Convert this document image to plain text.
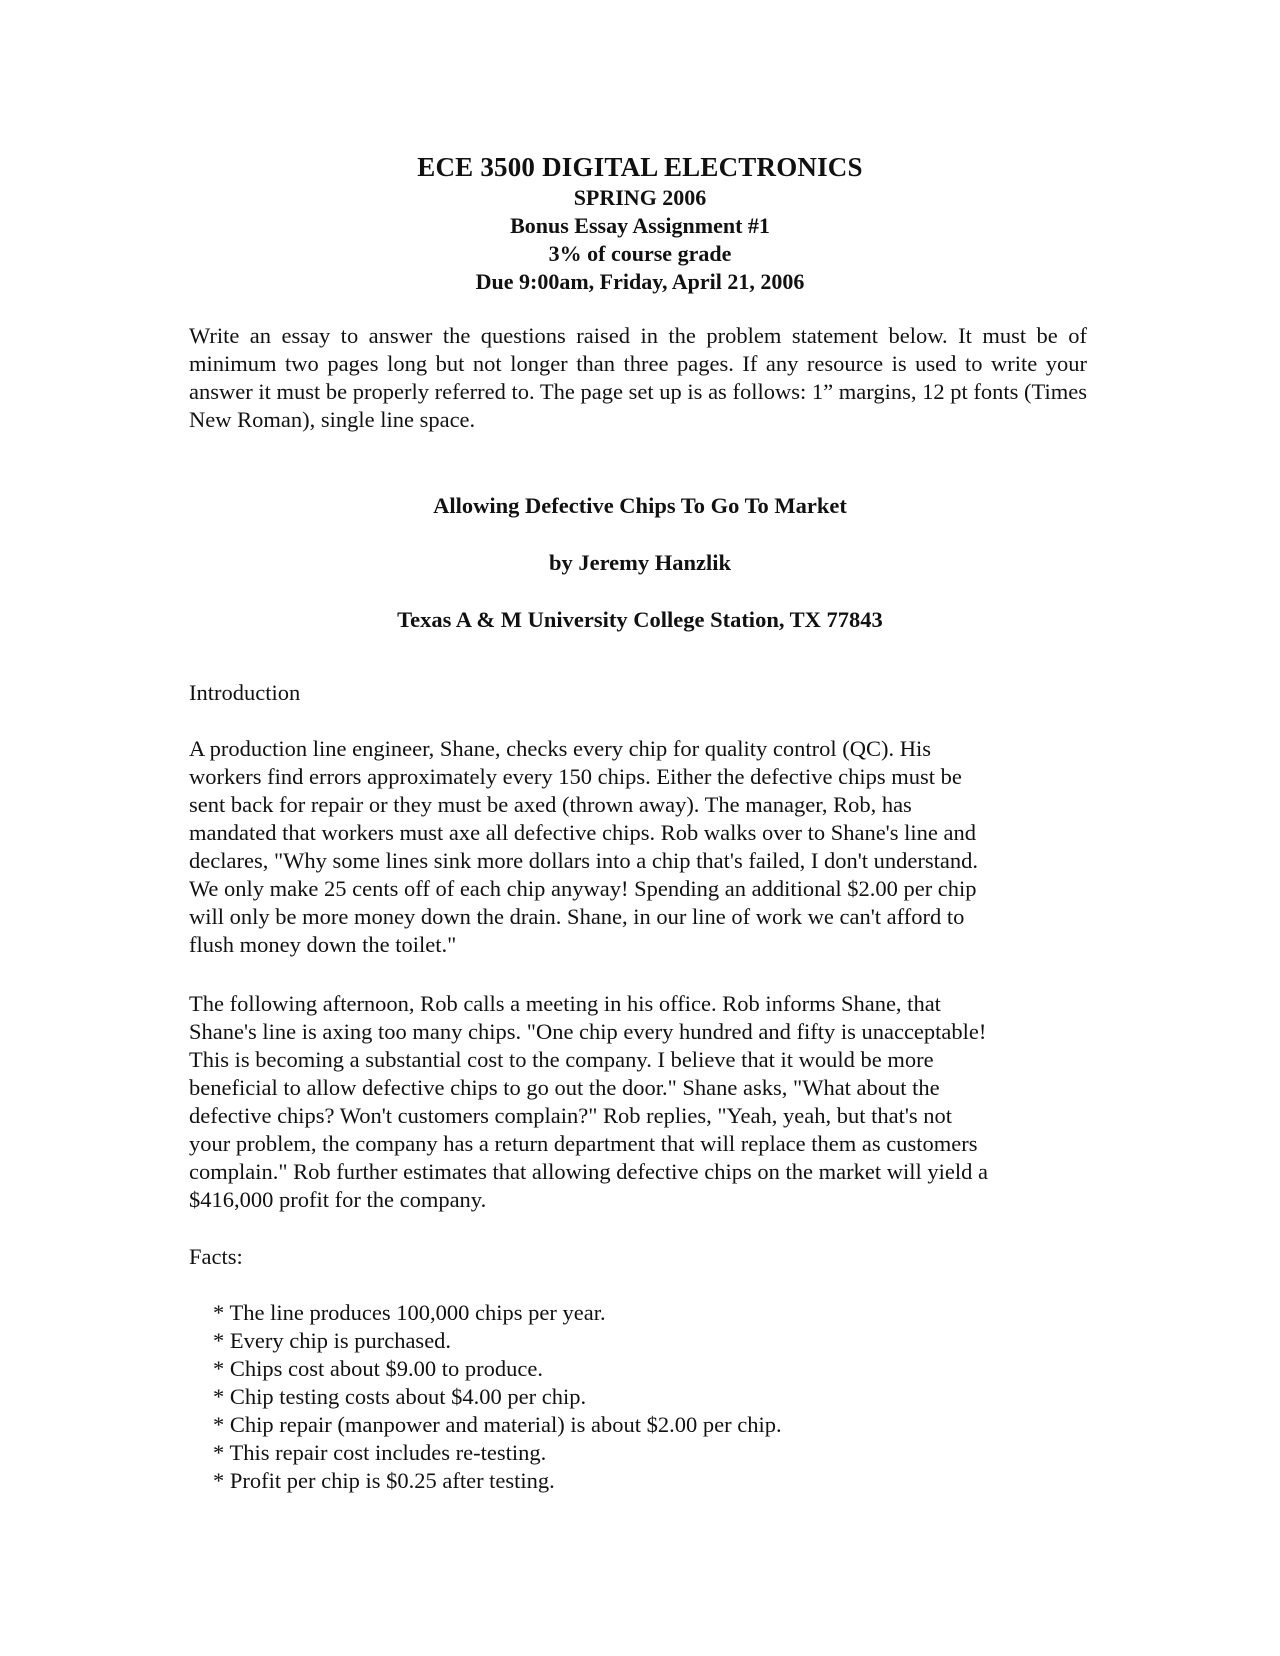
ECE 3500 DIGITAL ELECTRONICS
SPRING 2006
Bonus Essay Assignment #1
3% of course grade
Due 9:00am, Friday, April 21, 2006
Write an essay to answer the questions raised in the problem statement below. It must be of minimum two pages long but not longer than three pages. If any resource is used to write your answer it must be properly referred to. The page set up is as follows: 1” margins, 12 pt fonts (Times New Roman), single line space.
Allowing Defective Chips To Go To Market
by Jeremy Hanzlik
Texas A & M University College Station, TX 77843
Introduction
A production line engineer, Shane, checks every chip for quality control (QC). His
workers find errors approximately every 150 chips. Either the defective chips must be
sent back for repair or they must be axed (thrown away). The manager, Rob, has
mandated that workers must axe all defective chips. Rob walks over to Shane's line and
declares, "Why some lines sink more dollars into a chip that's failed, I don't understand.
We only make 25 cents off of each chip anyway! Spending an additional $2.00 per chip
will only be more money down the drain. Shane, in our line of work we can't afford to
flush money down the toilet."
The following afternoon, Rob calls a meeting in his office. Rob informs Shane, that
Shane's line is axing too many chips. "One chip every hundred and fifty is unacceptable!
This is becoming a substantial cost to the company. I believe that it would be more
beneficial to allow defective chips to go out the door." Shane asks, "What about the
defective chips? Won't customers complain?" Rob replies, "Yeah, yeah, but that's not
your problem, the company has a return department that will replace them as customers
complain." Rob further estimates that allowing defective chips on the market will yield a
$416,000 profit for the company.
Facts:
* The line produces 100,000 chips per year.
* Every chip is purchased.
* Chips cost about $9.00 to produce.
* Chip testing costs about $4.00 per chip.
* Chip repair (manpower and material) is about $2.00 per chip.
* This repair cost includes re-testing.
* Profit per chip is $0.25 after testing.
